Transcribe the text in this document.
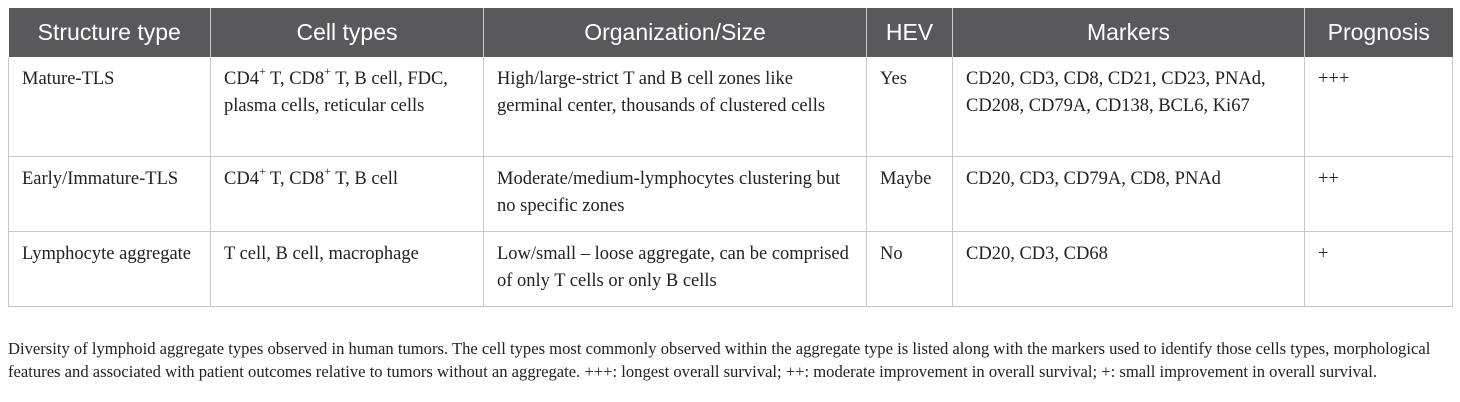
Structure type	Cell types	Organization/Size	HEV	Markers	Prognosis
Mature-TLS	CD4+ T, CD8+ T, B cell, FDC, plasma cells, reticular cells	High/large-strict T and B cell zones like germinal center, thousands of clustered cells	Yes	CD20, CD3, CD8, CD21, CD23, PNAd, CD208, CD79A, CD138, BCL6, Ki67	+++
Early/Immature-TLS	CD4+ T, CD8+ T, B cell	Moderate/medium-lymphocytes clustering but no specific zones	Maybe	CD20, CD3, CD79A, CD8, PNAd	++
Lymphocyte aggregate	T cell, B cell, macrophage	Low/small – loose aggregate, can be comprised of only T cells or only B cells	No	CD20, CD3, CD68	+

Diversity of lymphoid aggregate types observed in human tumors. The cell types most commonly observed within the aggregate type is listed along with the markers used to identify those cells types, morphological features and associated with patient outcomes relative to tumors without an aggregate. +++: longest overall survival; ++: moderate improvement in overall survival; +: small improvement in overall survival.
